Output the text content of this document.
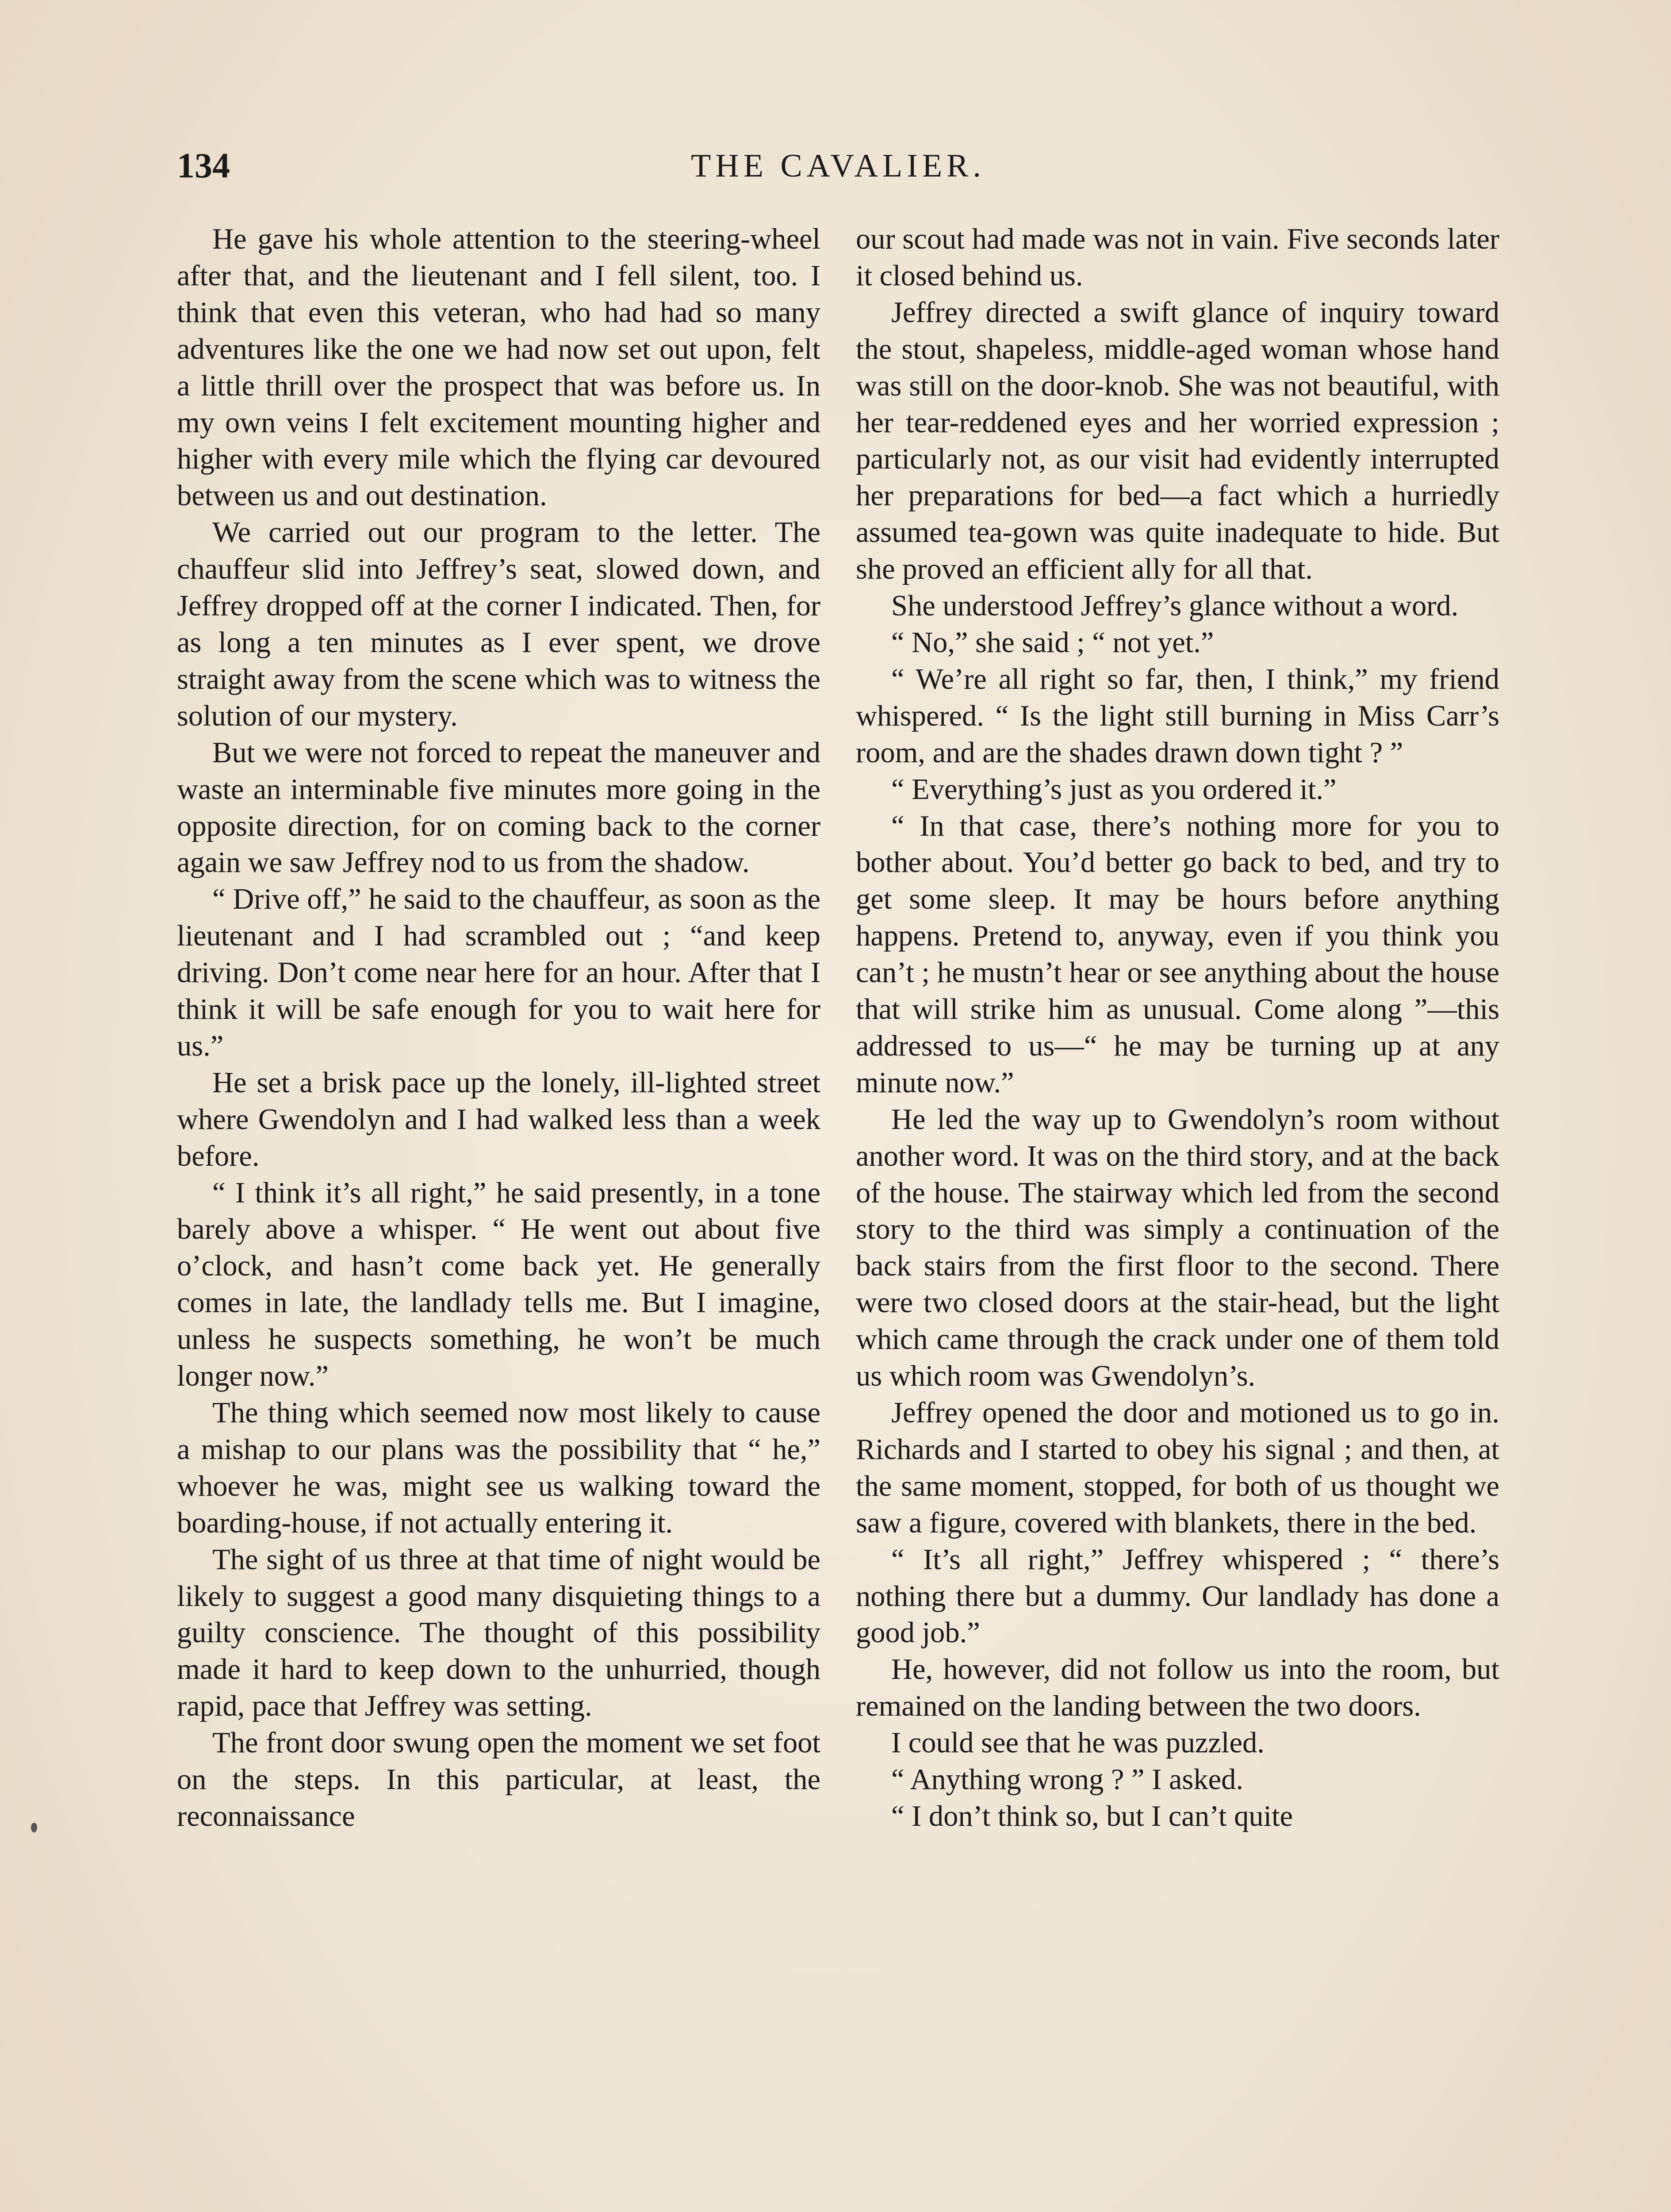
134	THE CAVALIER.

He gave his whole attention to the steering-wheel after that, and the lieutenant and I fell silent, too. I think that even this veteran, who had had so many adventures like the one we had now set out upon, felt a little thrill over the prospect that was before us. In my own veins I felt excitement mounting higher and higher with every mile which the flying car devoured between us and out destination.

We carried out our program to the letter. The chauffeur slid into Jeffrey’s seat, slowed down, and Jeffrey dropped off at the corner I indicated. Then, for as long a ten minutes as I ever spent, we drove straight away from the scene which was to witness the solution of our mystery.

But we were not forced to repeat the maneuver and waste an interminable five minutes more going in the opposite direction, for on coming back to the corner again we saw Jeffrey nod to us from the shadow.

“ Drive off,” he said to the chauffeur, as soon as the lieutenant and I had scrambled out ; “and keep driving. Don’t come near here for an hour. After that I think it will be safe enough for you to wait here for us.”

He set a brisk pace up the lonely, ill-lighted street where Gwendolyn and I had walked less than a week before.

“ I think it’s all right,” he said presently, in a tone barely above a whisper. “ He went out about five o’clock, and hasn’t come back yet. He generally comes in late, the landlady tells me. But I imagine, unless he suspects something, he won’t be much longer now.”

The thing which seemed now most likely to cause a mishap to our plans was the possibility that “ he,” whoever he was, might see us walking toward the boarding-house, if not actually entering it.

The sight of us three at that time of night would be likely to suggest a good many disquieting things to a guilty conscience. The thought of this possibility made it hard to keep down to the unhurried, though rapid, pace that Jeffrey was setting.

The front door swung open the moment we set foot on the steps. In this particular, at least, the reconnaissance

our scout had made was not in vain. Five seconds later it closed behind us.

Jeffrey directed a swift glance of inquiry toward the stout, shapeless, middle-aged woman whose hand was still on the door-knob. She was not beautiful, with her tear-reddened eyes and her worried expression ; particularly not, as our visit had evidently interrupted her preparations for bed—a fact which a hurriedly assumed tea-gown was quite inadequate to hide. But she proved an efficient ally for all that.

She understood Jeffrey’s glance without a word.

“ No,” she said ; “ not yet.”

“ We’re all right so far, then, I think,” my friend whispered. “ Is the light still burning in Miss Carr’s room, and are the shades drawn down tight ? ”

“ Everything’s just as you ordered it.”

“ In that case, there’s nothing more for you to bother about. You’d better go back to bed, and try to get some sleep. It may be hours before anything happens. Pretend to, anyway, even if you think you can’t ; he mustn’t hear or see anything about the house that will strike him as unusual. Come along ”—this addressed to us—“ he may be turning up at any minute now.”

He led the way up to Gwendolyn’s room without another word. It was on the third story, and at the back of the house. The stairway which led from the second story to the third was simply a continuation of the back stairs from the first floor to the second. There were two closed doors at the stair-head, but the light which came through the crack under one of them told us which room was Gwendolyn’s.

Jeffrey opened the door and motioned us to go in. Richards and I started to obey his signal ; and then, at the same moment, stopped, for both of us thought we saw a figure, covered with blankets, there in the bed.

“ It’s all right,” Jeffrey whispered ; “ there’s nothing there but a dummy. Our landlady has done a good job.”

He, however, did not follow us into the room, but remained on the landing between the two doors.

I could see that he was puzzled.

“ Anything wrong ? ” I asked.

“ I don’t think so, but I can’t quite
